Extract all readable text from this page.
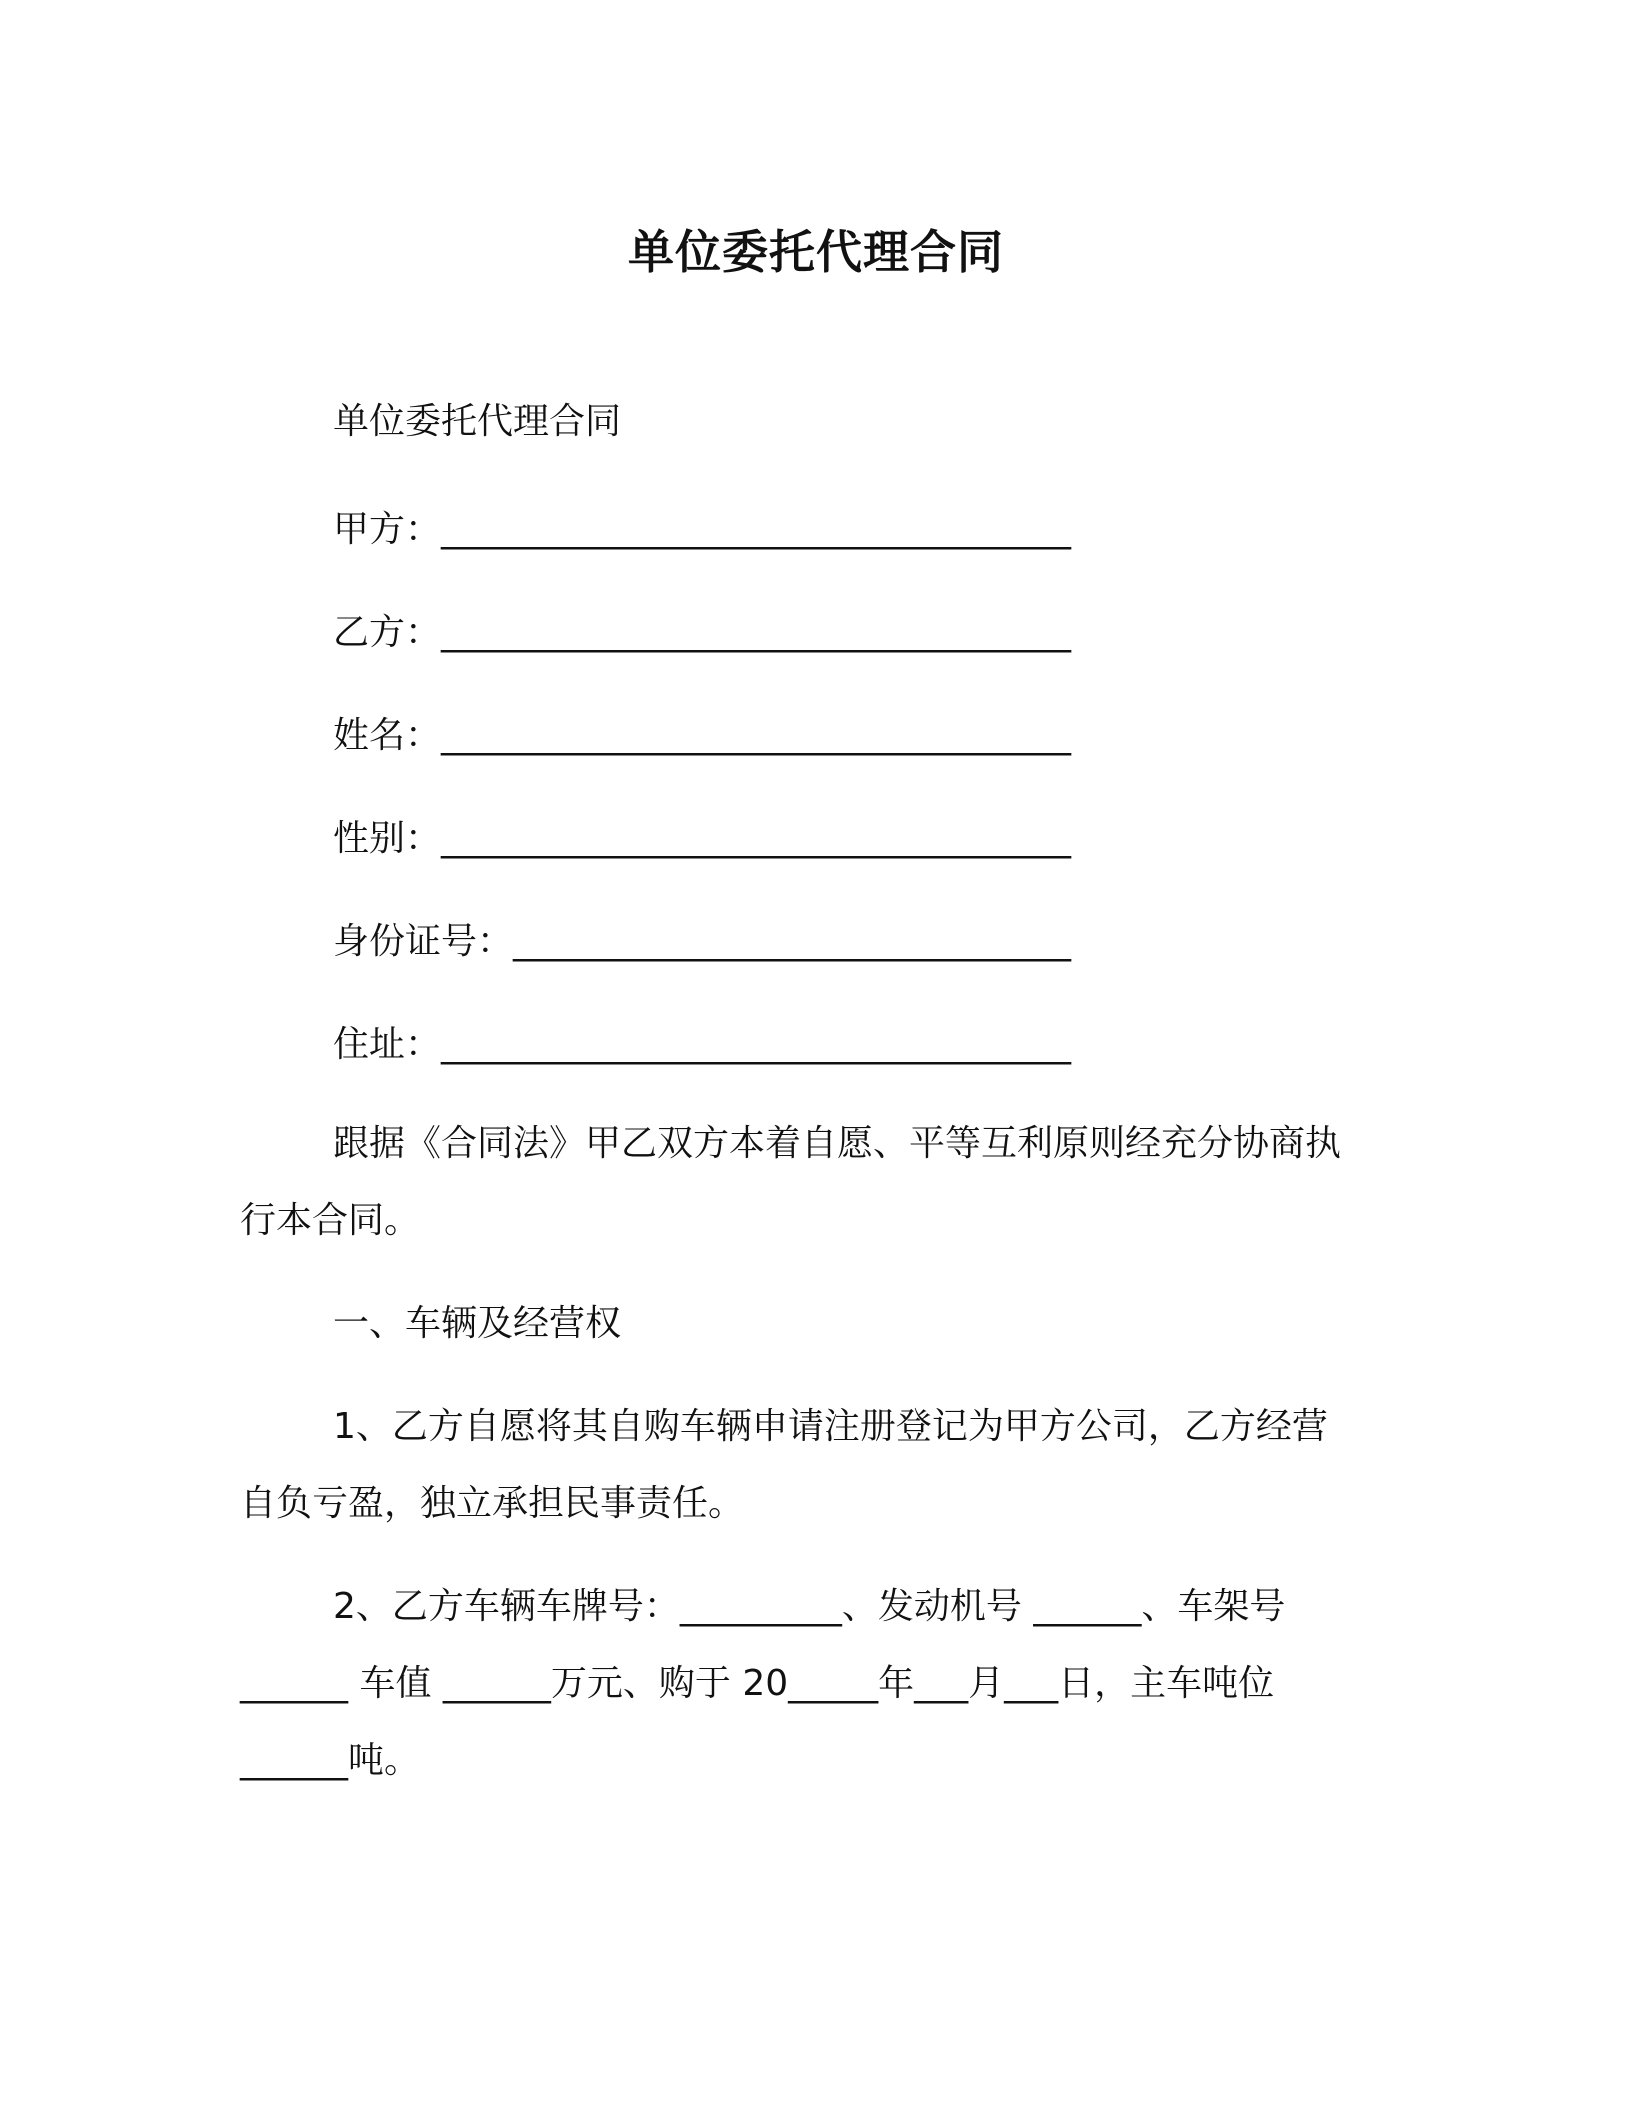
单位委托代理合同
单位委托代理合同
甲方：___________________________________
乙方：___________________________________
姓名：___________________________________
性别：___________________________________
身份证号：_______________________________
住址：___________________________________
跟据《合同法》甲乙双方本着自愿、平等互利原则经充分协商执
行本合同。
一、车辆及经营权
1、乙方自愿将其自购车辆申请注册登记为甲方公司，乙方经营
自负亏盈，独立承担民事责任。
2、乙方车辆车牌号：_________、发动机号 ______、车架号
______ 车值 ______万元、购于 20_____年___月___日，主车吨位
______吨。
